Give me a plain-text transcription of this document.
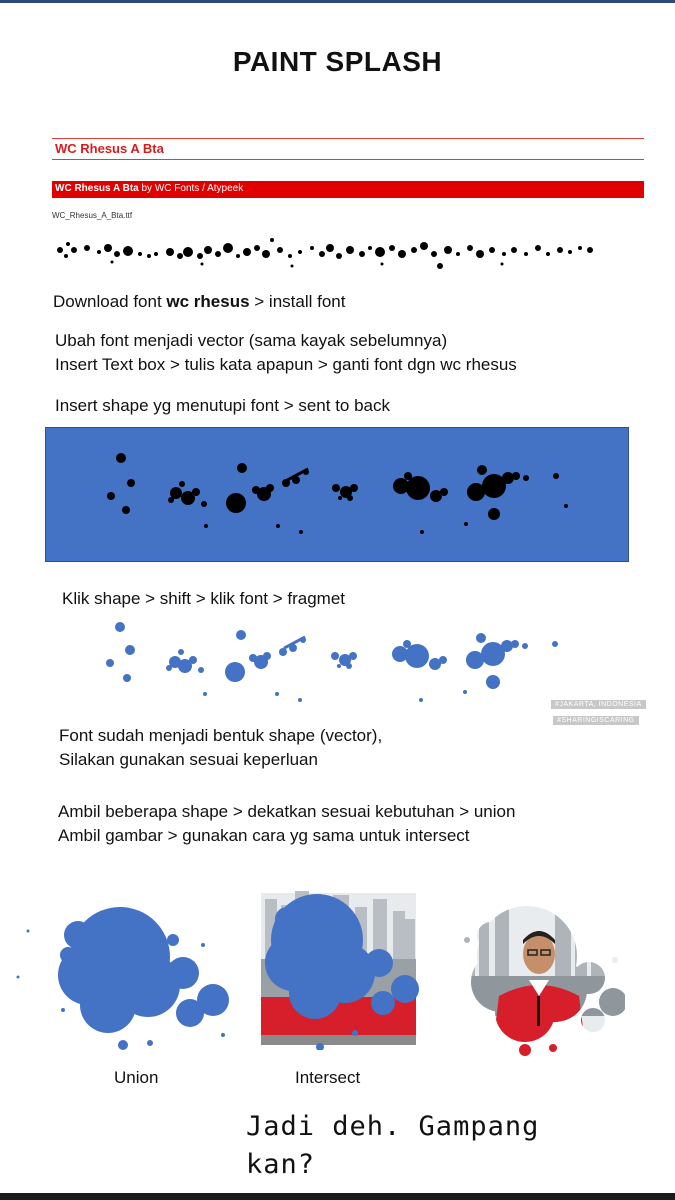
PAINT SPLASH
WC Rhesus A Bta
WC Rhesus A Bta by WC Fonts / Atypeek
WC_Rhesus_A_Bta.ttf
Download font wc rhesus > install font
Ubah font menjadi vector (sama kayak sebelumnya)
Insert Text box > tulis kata apapun > ganti font dgn wc rhesus
Insert shape yg menutupi font > sent to back
Klik shape > shift > klik font > fragmet
#JAKARTA, INDONESIA
#SHARINGISCARING
Font sudah menjadi bentuk shape (vector),
Silakan gunakan sesuai keperluan
Ambil beberapa shape > dekatkan sesuai kebutuhan > union
Ambil gambar > gunakan cara yg sama untuk intersect
Union	Intersect
Jadi deh. Gampang
kan?
